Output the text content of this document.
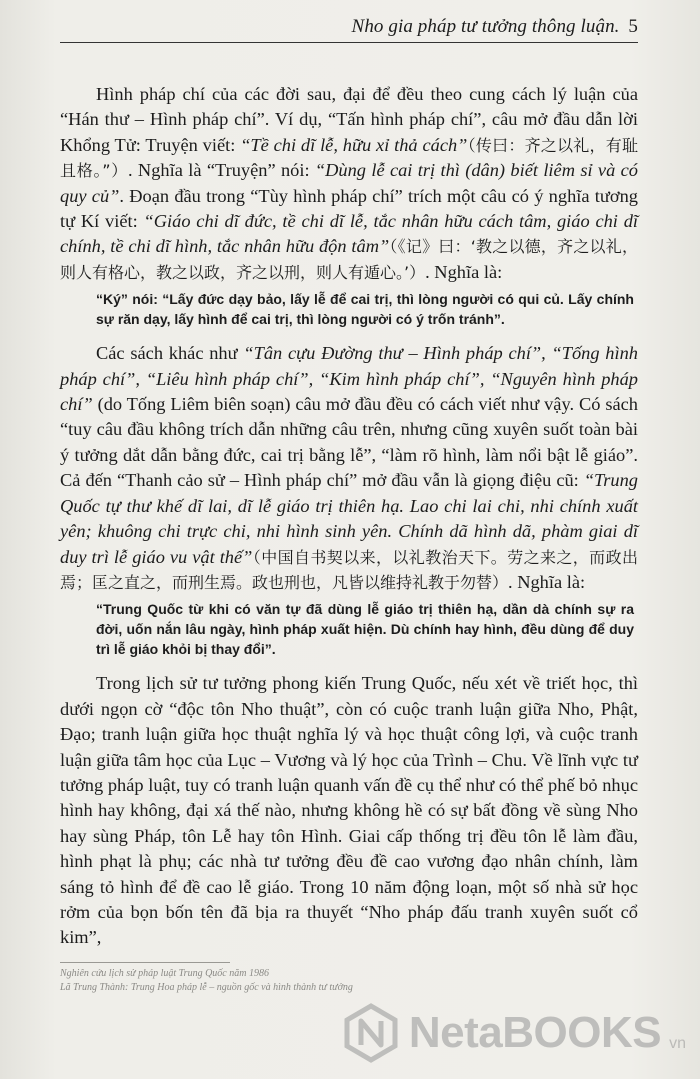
Nho gia pháp tư tưởng thông luận. 5

Hình pháp chí của các đời sau, đại để đều theo cung cách lý luận của “Hán thư – Hình pháp chí”. Ví dụ, “Tấn hình pháp chí”, câu mở đầu dẫn lời Khổng Tử: Truyện viết: “Tề chi dĩ lễ, hữu xỉ thả cách”（传曰：齐之以礼，有耻且格。”）. Nghĩa là “Truyện” nói: “Dùng lễ cai trị thì (dân) biết liêm sỉ và có quy củ”. Đoạn đầu trong “Tùy hình pháp chí” trích một câu có ý nghĩa tương tự Kí viết: “Giáo chi dĩ đức, tề chi dĩ lễ, tắc nhân hữu cách tâm, giáo chi dĩ chính, tề chi dĩ hình, tắc nhân hữu độn tâm”（《记》曰：‘教之以德，齐之以礼，则人有格心，教之以政，齐之以刑，则人有遁心。’）. Nghĩa là:

“Ký” nói: “Lấy đức dạy bảo, lấy lễ để cai trị, thì lòng người có qui củ. Lấy chính sự răn dạy, lấy hình để cai trị, thì lòng người có ý trốn tránh”.

Các sách khác như “Tân cựu Đường thư – Hình pháp chí”, “Tống hình pháp chí”, “Liêu hình pháp chí”, “Kim hình pháp chí”, “Nguyên hình pháp chí” (do Tống Liêm biên soạn) câu mở đầu đều có cách viết như vậy. Có sách “tuy câu đầu không trích dẫn những câu trên, nhưng cũng xuyên suốt toàn bài ý tưởng dắt dẫn bằng đức, cai trị bằng lễ”, “làm rõ hình, làm nổi bật lễ giáo”. Cả đến “Thanh cảo sử – Hình pháp chí” mở đầu vẫn là giọng điệu cũ: “Trung Quốc tự thư khế dĩ lai, dĩ lễ giáo trị thiên hạ. Lao chi lai chi, nhi chính xuất yên; khuông chi trực chi, nhi hình sinh yên. Chính dã hình dã, phàm giai dĩ duy trì lễ giáo vu vật thế”（中国自书契以来，以礼教治天下。劳之来之，而政出焉；匡之直之，而刑生焉。政也刑也，凡皆以维持礼教于勿替）. Nghĩa là:

“Trung Quốc từ khi có văn tự đã dùng lễ giáo trị thiên hạ, dần dà chính sự ra đời, uốn nắn lâu ngày, hình pháp xuất hiện. Dù chính hay hình, đều dùng để duy trì lễ giáo khỏi bị thay đổi”.

Trong lịch sử tư tưởng phong kiến Trung Quốc, nếu xét về triết học, thì dưới ngọn cờ “độc tôn Nho thuật”, còn có cuộc tranh luận giữa Nho, Phật, Đạo; tranh luận giữa học thuật nghĩa lý và học thuật công lợi, và cuộc tranh luận giữa tâm học của Lục – Vương và lý học của Trình – Chu. Về lĩnh vực tư tưởng pháp luật, tuy có tranh luận quanh vấn đề cụ thể như có thể phế bỏ nhục hình hay không, đại xá thế nào, nhưng không hề có sự bất đồng về sùng Nho hay sùng Pháp, tôn Lễ hay tôn Hình. Giai cấp thống trị đều tôn lễ làm đầu, hình phạt là phụ; các nhà tư tưởng đều đề cao vương đạo nhân chính, làm sáng tỏ hình để đề cao lễ giáo. Trong 10 năm động loạn, một số nhà sử học rởm của bọn bốn tên đã bịa ra thuyết “Nho pháp đấu tranh xuyên suốt cổ kim”,

Nghiên cứu lịch sử pháp luật Trung Quốc năm 1986
Lã Trung Thành: Trung Hoa pháp lễ – nguồn gốc và hình thành tư tưởng
NetaBOOKS vn
